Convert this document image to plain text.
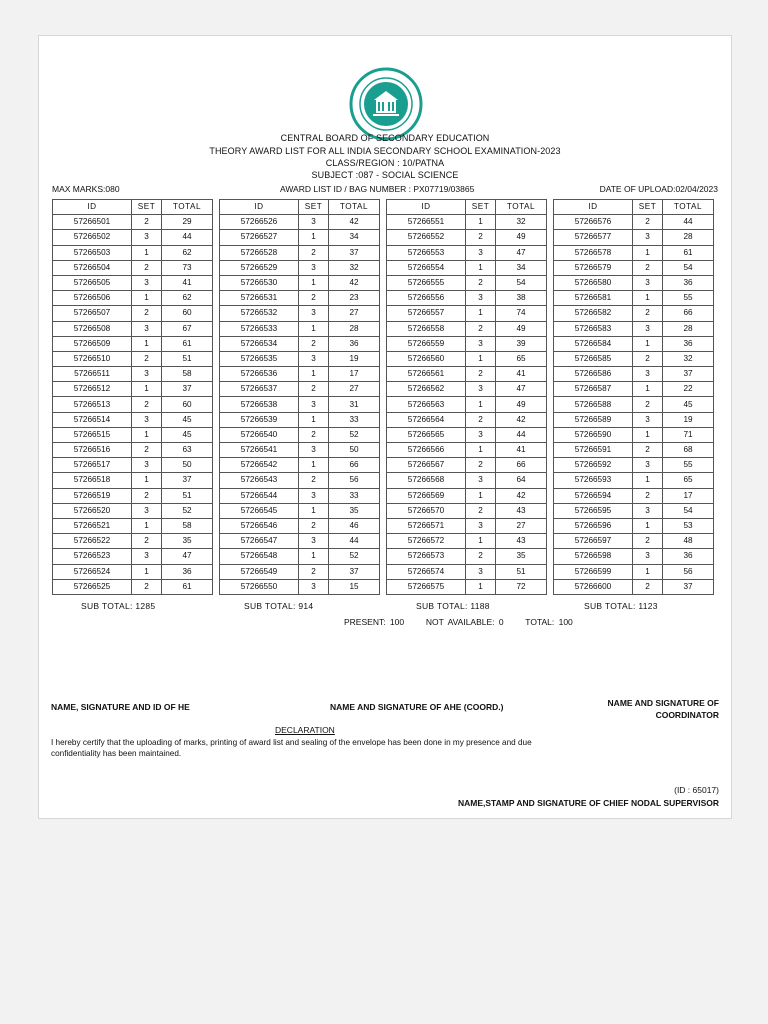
CENTRAL BOARD OF SECONDARY EDUCATION
THEORY AWARD LIST FOR ALL INDIA SECONDARY SCHOOL EXAMINATION-2023
CLASS/REGION : 10/PATNA
SUBJECT :087 - SOCIAL SCIENCE
MAX MARKS:080	AWARD LIST ID / BAG NUMBER : PX07719/03865	DATE OF UPLOAD:02/04/2023
ID	SET	TOTAL
57266501	2	29
57266502	3	44
57266503	1	62
57266504	2	73
57266505	3	41
57266506	1	62
57266507	2	60
57266508	3	67
57266509	1	61
57266510	2	51
57266511	3	58
57266512	1	37
57266513	2	60
57266514	3	45
57266515	1	45
57266516	2	63
57266517	3	50
57266518	1	37
57266519	2	51
57266520	3	52
57266521	1	58
57266522	2	35
57266523	3	47
57266524	1	36
57266525	2	61
ID	SET	TOTAL
57266526	3	42
57266527	1	34
57266528	2	37
57266529	3	32
57266530	1	42
57266531	2	23
57266532	3	27
57266533	1	28
57266534	2	36
57266535	3	19
57266536	1	17
57266537	2	27
57266538	3	31
57266539	1	33
57266540	2	52
57266541	3	50
57266542	1	66
57266543	2	56
57266544	3	33
57266545	1	35
57266546	2	46
57266547	3	44
57266548	1	52
57266549	2	37
57266550	3	15
ID	SET	TOTAL
57266551	1	32
57266552	2	49
57266553	3	47
57266554	1	34
57266555	2	54
57266556	3	38
57266557	1	74
57266558	2	49
57266559	3	39
57266560	1	65
57266561	2	41
57266562	3	47
57266563	1	49
57266564	2	42
57266565	3	44
57266566	1	41
57266567	2	66
57266568	3	64
57266569	1	42
57266570	2	43
57266571	3	27
57266572	1	43
57266573	2	35
57266574	3	51
57266575	1	72
ID	SET	TOTAL
57266576	2	44
57266577	3	28
57266578	1	61
57266579	2	54
57266580	3	36
57266581	1	55
57266582	2	66
57266583	3	28
57266584	1	36
57266585	2	32
57266586	3	37
57266587	1	22
57266588	2	45
57266589	3	19
57266590	1	71
57266591	2	68
57266592	3	55
57266593	1	65
57266594	2	17
57266595	3	54
57266596	1	53
57266597	2	48
57266598	3	36
57266599	1	56
57266600	2	37
SUB TOTAL: 1285	SUB TOTAL: 914	SUB TOTAL: 1188	SUB TOTAL: 1123
PRESENT: 100     NOT AVAILABLE: 0     TOTAL: 100
NAME, SIGNATURE AND ID OF HE	NAME AND SIGNATURE OF AHE (COORD.)	NAME AND SIGNATURE OF
COORDINATOR
DECLARATION
I hereby certify that the uploading of marks, printing of award list and sealing of the envelope has been done in my presence and due confidentiality has been maintained.
(ID : 65017)
NAME,STAMP AND SIGNATURE OF CHIEF NODAL SUPERVISOR
